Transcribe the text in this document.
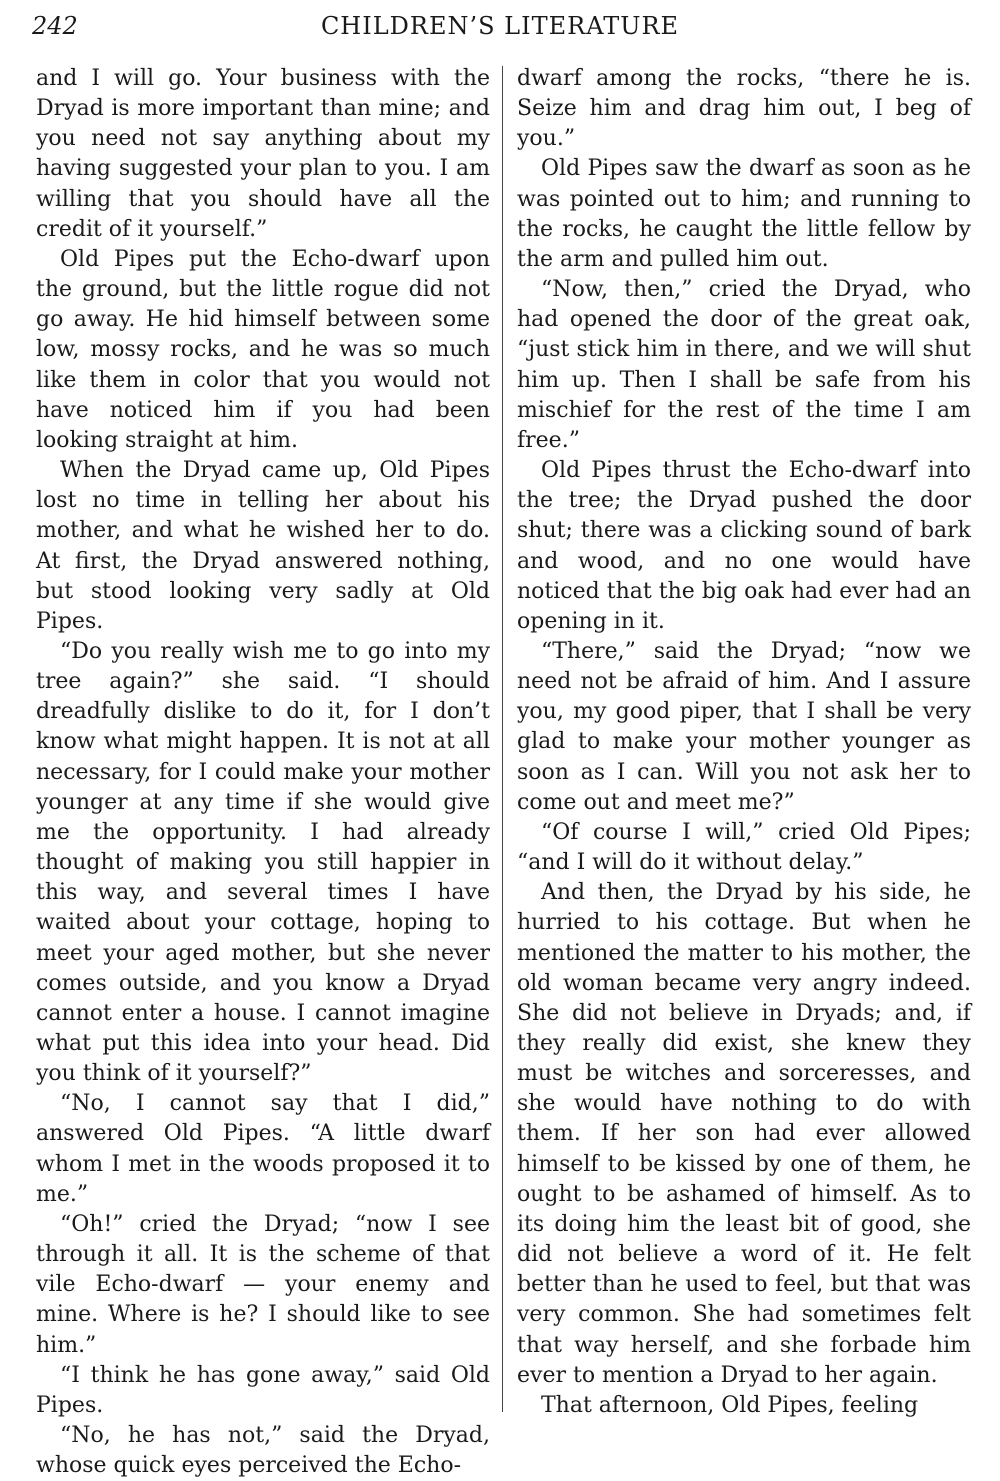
242	CHILDREN’S LITERATURE

and I will go. Your business with the Dryad is more important than mine; and you need not say anything about my having suggested your plan to you. I am willing that you should have all the credit of it yourself.”

Old Pipes put the Echo-dwarf upon the ground, but the little rogue did not go away. He hid himself between some low, mossy rocks, and he was so much like them in color that you would not have noticed him if you had been looking straight at him.

When the Dryad came up, Old Pipes lost no time in telling her about his mother, and what he wished her to do. At first, the Dryad answered nothing, but stood looking very sadly at Old Pipes.

“Do you really wish me to go into my tree again?” she said. “I should dreadfully dislike to do it, for I don’t know what might happen. It is not at all necessary, for I could make your mother younger at any time if she would give me the opportunity. I had already thought of making you still happier in this way, and several times I have waited about your cottage, hoping to meet your aged mother, but she never comes outside, and you know a Dryad cannot enter a house. I cannot imagine what put this idea into your head. Did you think of it yourself?”

“No, I cannot say that I did,” answered Old Pipes. “A little dwarf whom I met in the woods proposed it to me.”

“Oh!” cried the Dryad; “now I see through it all. It is the scheme of that vile Echo-dwarf — your enemy and mine. Where is he? I should like to see him.”

“I think he has gone away,” said Old Pipes.

“No, he has not,” said the Dryad, whose quick eyes perceived the Echo-

dwarf among the rocks, “there he is. Seize him and drag him out, I beg of you.”

Old Pipes saw the dwarf as soon as he was pointed out to him; and running to the rocks, he caught the little fellow by the arm and pulled him out.

“Now, then,” cried the Dryad, who had opened the door of the great oak, “just stick him in there, and we will shut him up. Then I shall be safe from his mischief for the rest of the time I am free.”

Old Pipes thrust the Echo-dwarf into the tree; the Dryad pushed the door shut; there was a clicking sound of bark and wood, and no one would have noticed that the big oak had ever had an opening in it.

“There,” said the Dryad; “now we need not be afraid of him. And I assure you, my good piper, that I shall be very glad to make your mother younger as soon as I can. Will you not ask her to come out and meet me?”

“Of course I will,” cried Old Pipes; “and I will do it without delay.”

And then, the Dryad by his side, he hurried to his cottage. But when he mentioned the matter to his mother, the old woman became very angry indeed. She did not believe in Dryads; and, if they really did exist, she knew they must be witches and sorceresses, and she would have nothing to do with them. If her son had ever allowed himself to be kissed by one of them, he ought to be ashamed of himself. As to its doing him the least bit of good, she did not believe a word of it. He felt better than he used to feel, but that was very common. She had sometimes felt that way herself, and she forbade him ever to mention a Dryad to her again.

That afternoon, Old Pipes, feeling
